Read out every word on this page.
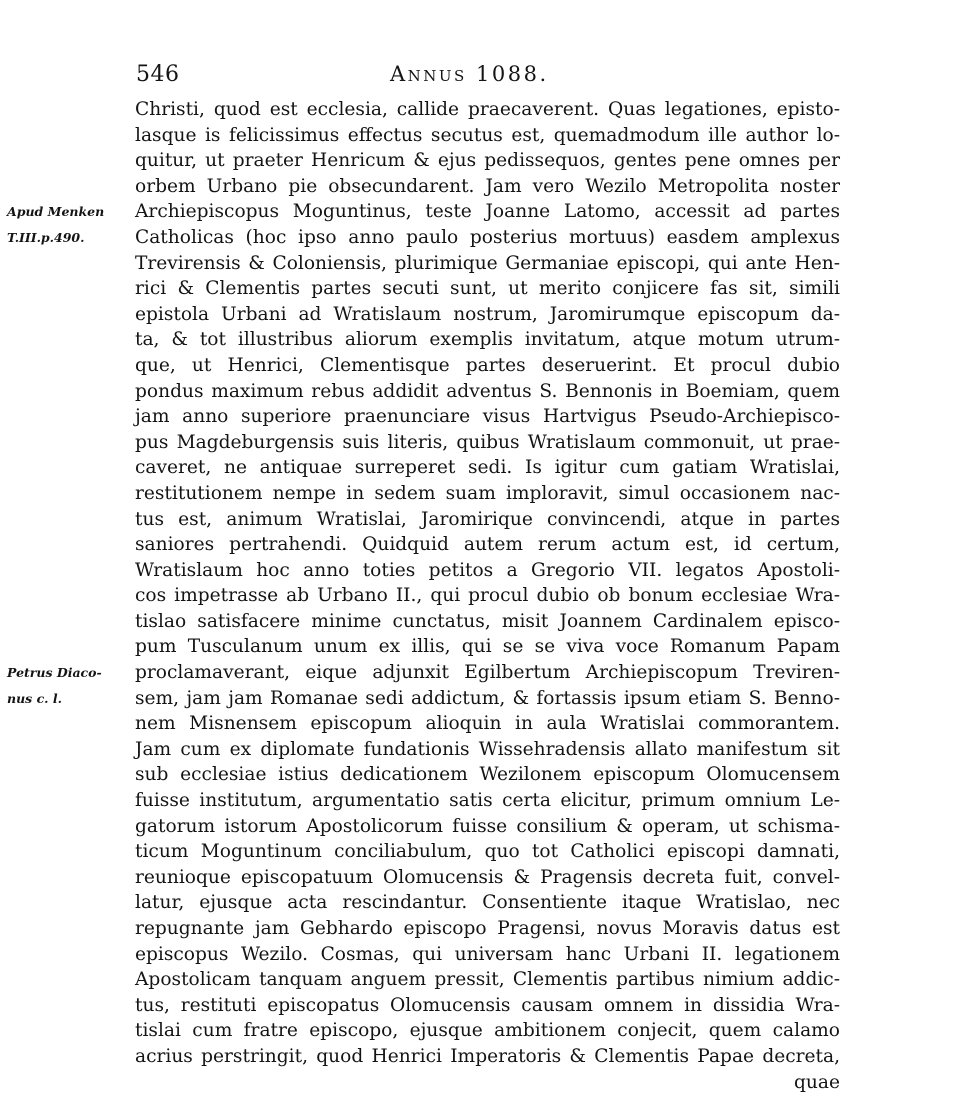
546	Annus 1088.
Christi, quod est ecclesia, callide praecaverent. Quas legationes, episto-
lasque is felicissimus effectus secutus est, quemadmodum ille author lo-
quitur, ut praeter Henricum & ejus pedissequos, gentes pene omnes per
orbem Urbano pie obsecundarent. Jam vero Wezilo Metropolita noster
Apud Menken	Archiepiscopus Moguntinus, teste Joanne Latomo, accessit ad partes
T.III.p.490.	Catholicas (hoc ipso anno paulo posterius mortuus) easdem amplexus
Trevirensis & Coloniensis, plurimique Germaniae episcopi, qui ante Hen-
rici & Clementis partes secuti sunt, ut merito conjicere fas sit, simili
epistola Urbani ad Wratislaum nostrum, Jaromirumque episcopum da-
ta, & tot illustribus aliorum exemplis invitatum, atque motum utrum-
que, ut Henrici, Clementisque partes deseruerint. Et procul dubio
pondus maximum rebus addidit adventus S. Bennonis in Boemiam, quem
jam anno superiore praenunciare visus Hartvigus Pseudo-Archiepisco-
pus Magdeburgensis suis literis, quibus Wratislaum commonuit, ut prae-
caveret, ne antiquae surreperet sedi. Is igitur cum gatiam Wratislai,
restitutionem nempe in sedem suam imploravit, simul occasionem nac-
tus est, animum Wratislai, Jaromirique convincendi, atque in partes
saniores pertrahendi. Quidquid autem rerum actum est, id certum,
Wratislaum hoc anno toties petitos a Gregorio VII. legatos Apostoli-
cos impetrasse ab Urbano II., qui procul dubio ob bonum ecclesiae Wra-
tislao satisfacere minime cunctatus, misit Joannem Cardinalem episco-
pum Tusculanum unum ex illis, qui se se viva voce Romanum Papam
Petrus Diaco-	proclamaverant, eique adjunxit Egilbertum Archiepiscopum Treviren-
nus c. l.	sem, jam jam Romanae sedi addictum, & fortassis ipsum etiam S. Benno-
nem Misnensem episcopum alioquin in aula Wratislai commorantem.
Jam cum ex diplomate fundationis Wissehradensis allato manifestum sit
sub ecclesiae istius dedicationem Wezilonem episcopum Olomucensem
fuisse institutum, argumentatio satis certa elicitur, primum omnium Le-
gatorum istorum Apostolicorum fuisse consilium & operam, ut schisma-
ticum Moguntinum conciliabulum, quo tot Catholici episcopi damnati,
reunioque episcopatuum Olomucensis & Pragensis decreta fuit, convel-
latur, ejusque acta rescindantur. Consentiente itaque Wratislao, nec
repugnante jam Gebhardo episcopo Pragensi, novus Moravis datus est
episcopus Wezilo. Cosmas, qui universam hanc Urbani II. legationem
Apostolicam tanquam anguem pressit, Clementis partibus nimium addic-
tus, restituti episcopatus Olomucensis causam omnem in dissidia Wra-
tislai cum fratre episcopo, ejusque ambitionem conjecit, quem calamo
acrius perstringit, quod Henrici Imperatoris & Clementis Papae decreta,
quae
